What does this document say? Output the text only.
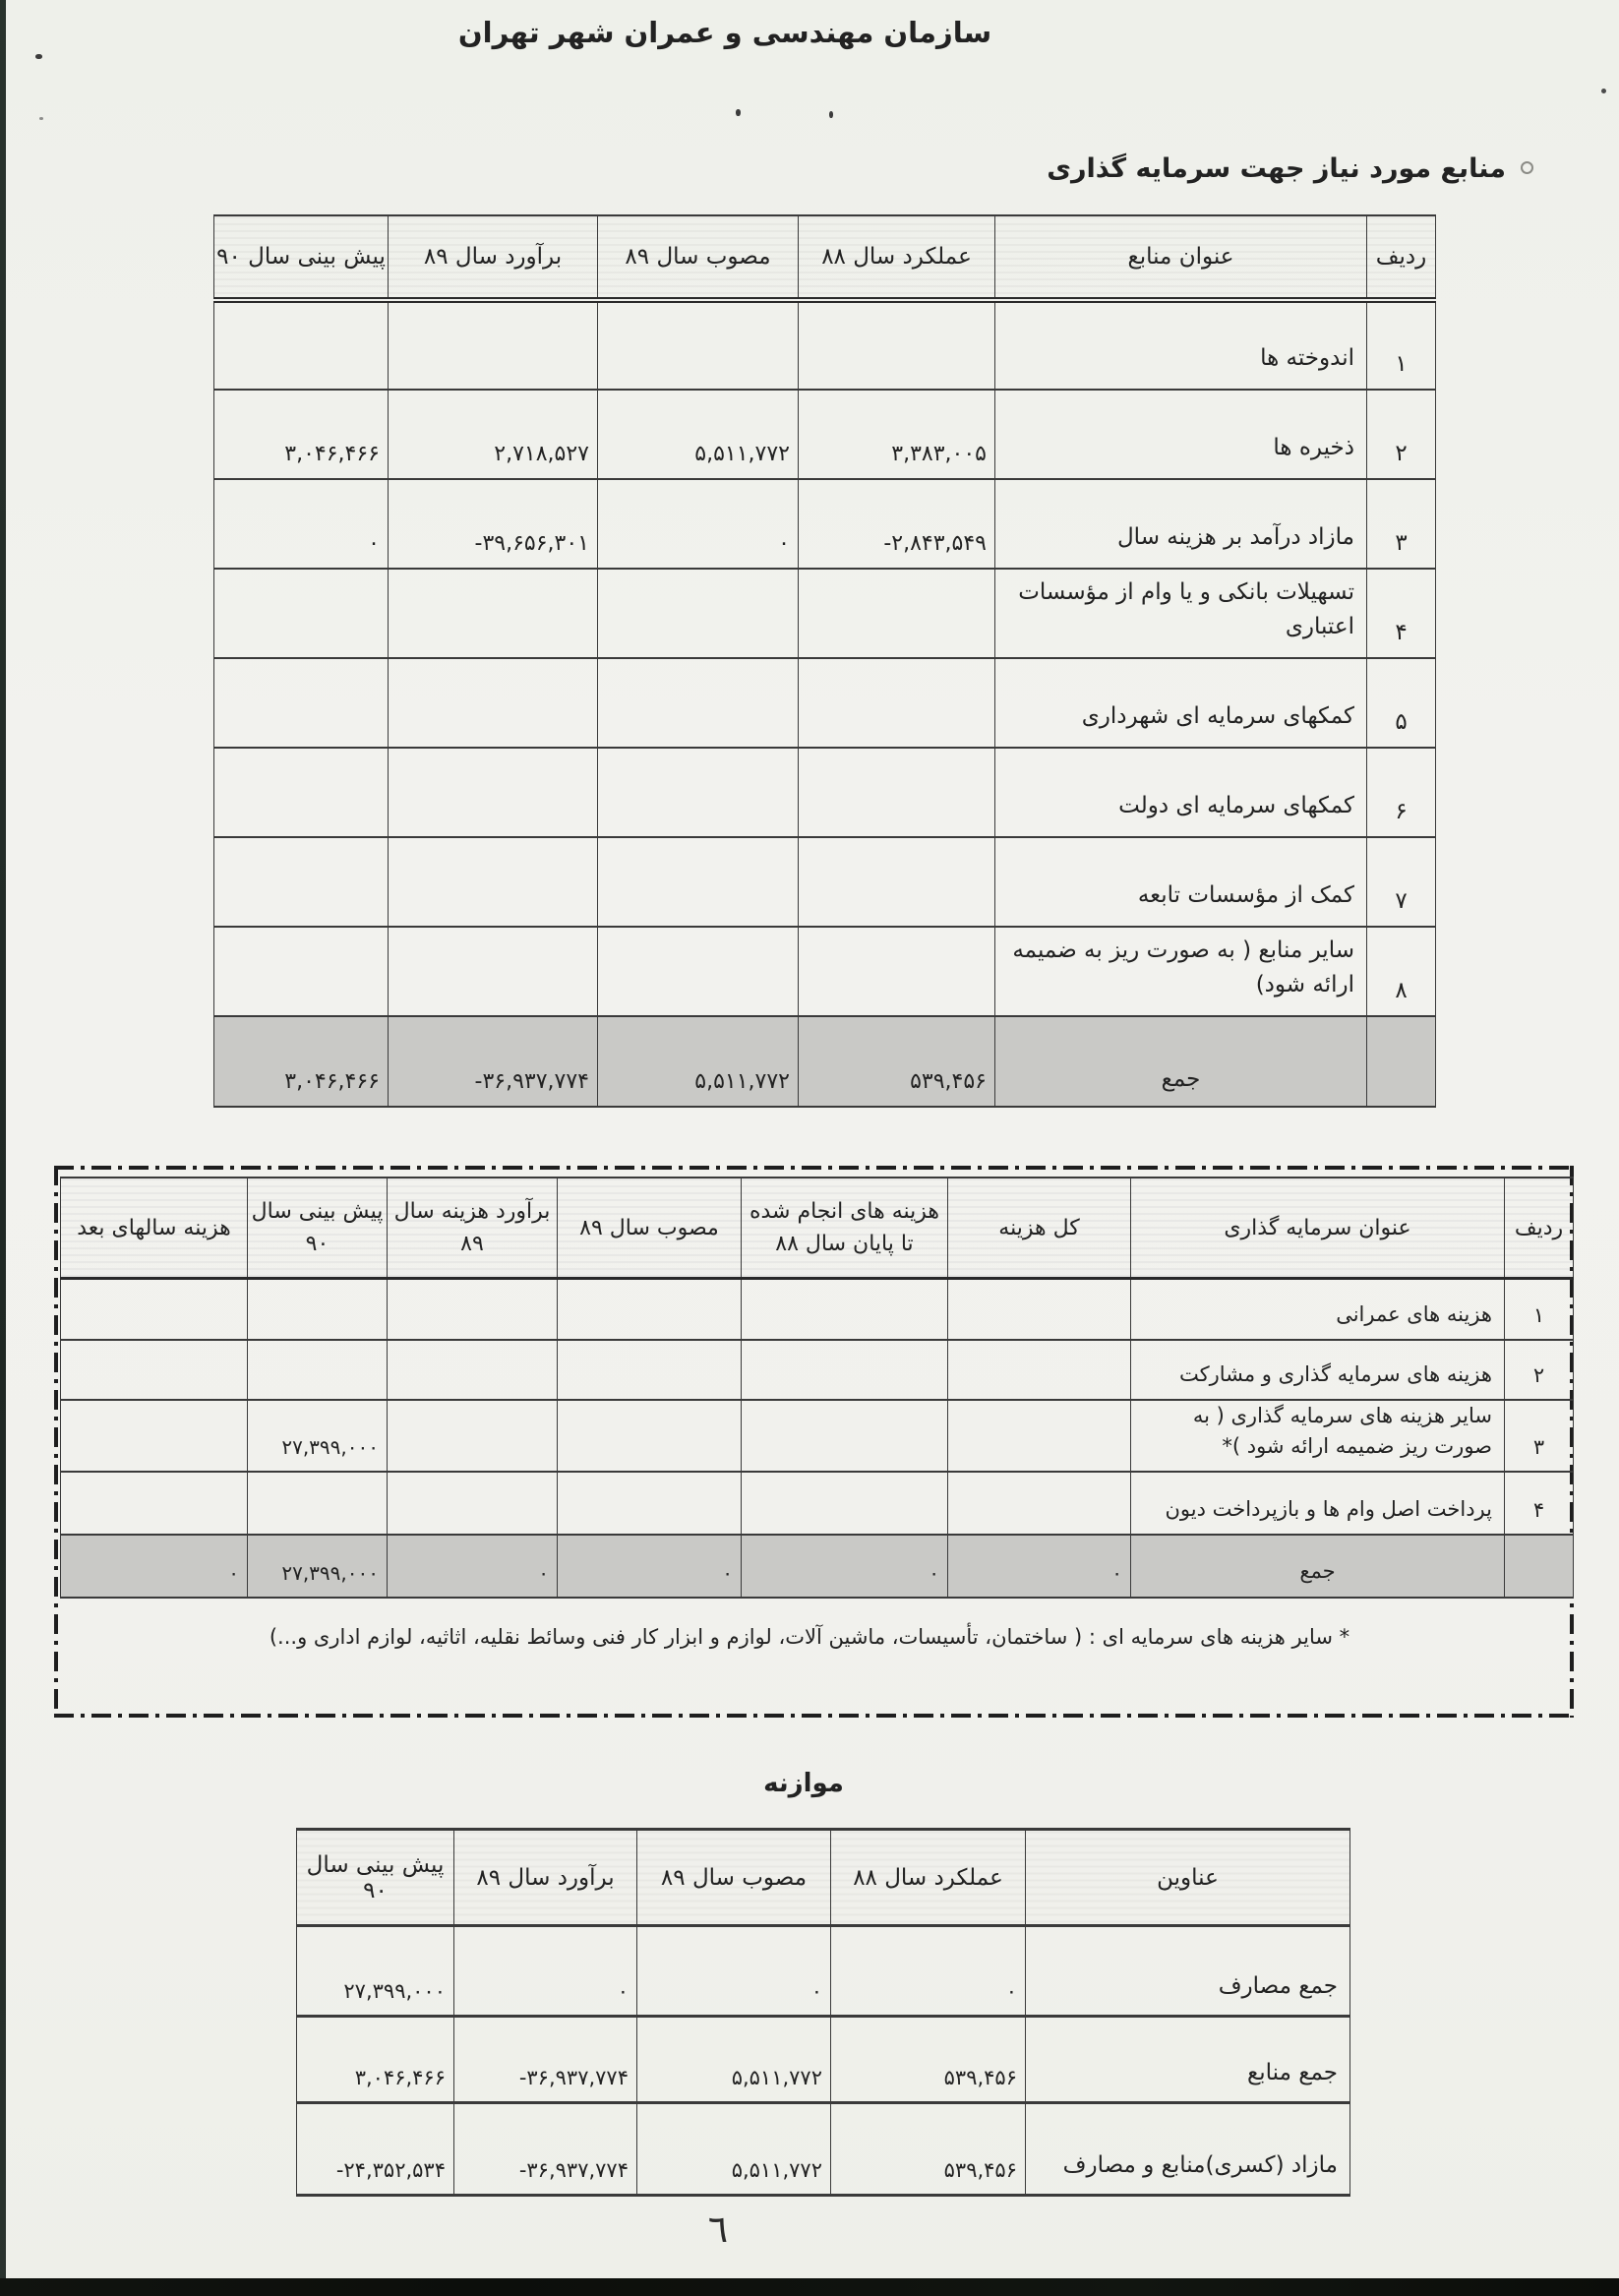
سازمان مهندسی و عمران شهر تهران
منابع مورد نیاز جهت سرمایه گذاری
ردیف	عنوان منابع	عملکرد سال ۸۸	مصوب سال ۸۹	برآورد سال ۸۹	پیش بینی سال ۹۰
۱	اندوخته ها				
۲	ذخیره ها	۳,۳۸۳,۰۰۵	۵,۵۱۱,۷۷۲	۲,۷۱۸,۵۲۷	۳,۰۴۶,۴۶۶
۳	مازاد درآمد بر هزینه سال	-۲,۸۴۳,۵۴۹	۰	-۳۹,۶۵۶,۳۰۱	۰
۴	تسهیلات بانکی و یا وام از مؤسسات اعتباری				
۵	کمکهای سرمایه ای شهرداری				
۶	کمکهای سرمایه ای دولت				
۷	کمک از مؤسسات تابعه				
۸	سایر منابع ( به صورت ریز به ضمیمه ارائه شود)				
	جمع	۵۳۹,۴۵۶	۵,۵۱۱,۷۷۲	-۳۶,۹۳۷,۷۷۴	۳,۰۴۶,۴۶۶
ردیف	عنوان سرمایه گذاری	کل هزینه	هزینه های انجام شده تا پایان سال ۸۸	مصوب سال ۸۹	برآورد هزینه سال ۸۹	پیش بینی سال ۹۰	هزینه سالهای بعد
۱	هزینه های عمرانی						
۲	هزینه های سرمایه گذاری و مشارکت						
۳	سایر هزینه های سرمایه گذاری ( به صورت ریز ضمیمه ارائه شود )*					۲۷,۳۹۹,۰۰۰	
۴	پرداخت اصل وام ها و بازپرداخت دیون						
	جمع	۰	۰	۰	۰	۲۷,۳۹۹,۰۰۰	۰
* سایر هزینه های سرمایه ای : ( ساختمان، تأسیسات، ماشین آلات، لوازم و ابزار کار فنی وسائط نقلیه، اثاثیه، لوازم اداری و...)
موازنه
عناوین	عملکرد سال ۸۸	مصوب سال ۸۹	برآورد سال ۸۹	پیش بینی سال ۹۰
جمع مصارف	۰	۰	۰	۲۷,۳۹۹,۰۰۰
جمع منابع	۵۳۹,۴۵۶	۵,۵۱۱,۷۷۲	-۳۶,۹۳۷,۷۷۴	۳,۰۴۶,۴۶۶
مازاد (کسری)منابع و مصارف	۵۳۹,۴۵۶	۵,۵۱۱,۷۷۲	-۳۶,۹۳۷,۷۷۴	-۲۴,۳۵۲,۵۳۴
٦
